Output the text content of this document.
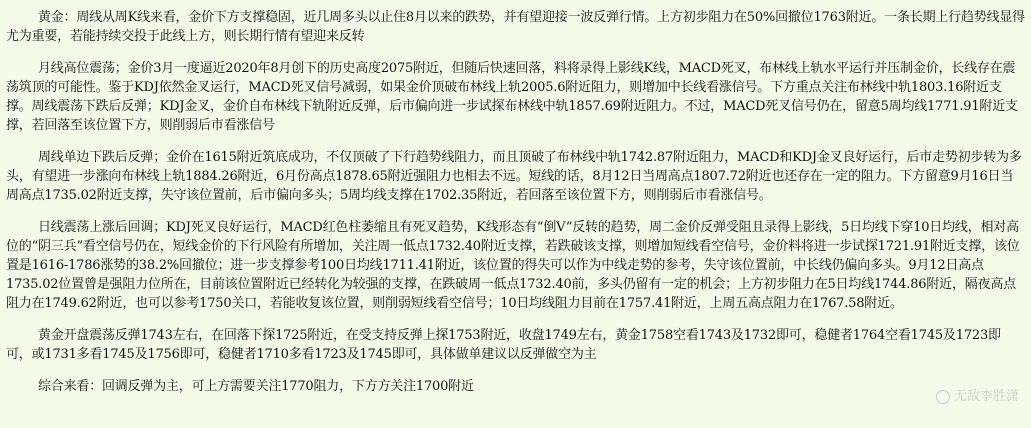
黄金：周线从周K线来看，金价下方支撑稳固，近几周多头以止住8月以来的跌势，并有望迎接一波反弹行情。上方初步阻力在50%回撤位1763附近。一条长期上行趋势线显得尤为重要，若能持续交投于此线上方，则长期行情有望迎来反转

月线高位震荡；金价3月一度逼近2020年8月创下的历史高度2075附近，但随后快速回落，料将录得上影线K线，MACD死叉，布林线上轨水平运行并压制金价，长线存在震荡筑顶的可能性。鉴于KDJ依然金叉运行，MACD死叉信号减弱，如果金价顶破布林线上轨2005.6附近阻力，则增加中长线看涨信号。下方重点关注布林线中轨1803.16附近支撑。周线震荡下跌后反弹；KDJ金叉，金价自布林线下轨附近反弹，后市偏向进一步试探布林线中轨1857.69附近阻力。不过，MACD死叉信号仍在，留意5周均线1771.91附近支撑，若回落至该位置下方，则削弱后市看涨信号

周线单边下跌后反弹；金价在1615附近筑底成功，不仅顶破了下行趋势线阻力，而且顶破了布林线中轨1742.87附近阻力，MACD和KDJ金叉良好运行，后市走势初步转为多头，有望进一步涨向布林线上轨1884.26附近，6月份高点1878.65附近强阻力也相去不远。短线的话，8月12日当周高点1807.72附近也还存在一定的阻力。下方留意9月16日当周高点1735.02附近支撑，失守该位置前，后市偏向多头；5周均线支撑在1702.35附近，若回落至该位置下方，则削弱后市看涨信号。

日线震荡上涨后回调；KDJ死叉良好运行，MACD红色柱萎缩且有死叉趋势，K线形态有“倒V”反转的趋势，周二金价反弹受阻且录得上影线，5日均线下穿10日均线，相对高位的“阴三兵”看空信号仍在，短线金价的下行风险有所增加，关注周一低点1732.40附近支撑，若跌破该支撑，则增加短线看空信号，金价料将进一步试探1721.91附近支撑，该位置是1616-1786涨势的38.2%回撤位；进一步支撑参考100日均线1711.41附近，该位置的得失可以作为中线走势的参考，失守该位置前，中长线仍偏向多头。9月12日高点1735.02位置曾是强阻力位所在，目前该位置附近已经转化为较强的支撑，在跌破周一低点1732.40前，多头仍留有一定的机会；上方初步阻力在5日均线1744.86附近，隔夜高点阻力在1749.62附近，也可以参考1750关口，若能收复该位置，则削弱短线看空信号；10日均线阻力目前在1757.41附近，上周五高点阻力在1767.58附近。

黄金开盘震荡反弹1743左右，在回落下探1725附近，在受支持反弹上探1753附近，收盘1749左右，黄金1758空看1743及1732即可，稳健者1764空看1745及1723即可，或1731多看1745及1756即可，稳健者1710多看1723及1745即可，具体做单建议以反弹做空为主

综合来看：回调反弹为主，可上方需要关注1770阻力，下方方关注1700附近

无敌李胜潇
